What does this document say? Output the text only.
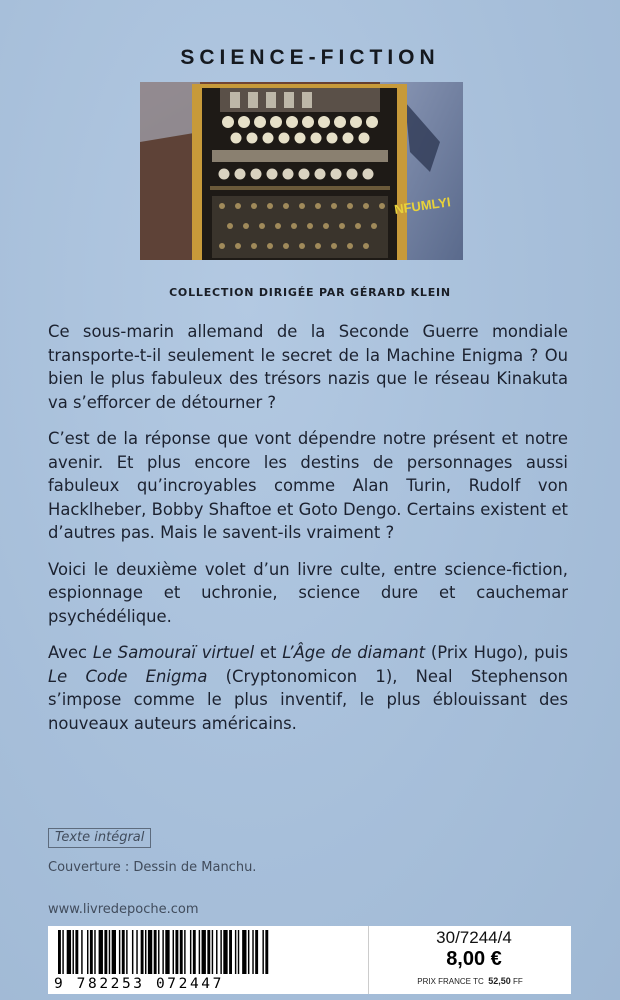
SCIENCE-FICTION
NFUMLYI
COLLECTION DIRIGÉE PAR GÉRARD KLEIN

Ce sous-marin allemand de la Seconde Guerre mondiale transporte-t-il seulement le secret de la Machine Enigma ? Ou bien le plus fabuleux des trésors nazis que le réseau Kinakuta va s’efforcer de détourner ?

C’est de la réponse que vont dépendre notre présent et notre avenir. Et plus encore les destins de personnages aussi fabuleux qu’incroyables comme Alan Turin, Rudolf von Hacklheber, Bobby Shaftoe et Goto Dengo. Certains existent et d’autres pas. Mais le savent-ils vraiment ?

Voici le deuxième volet d’un livre culte, entre science-fiction, espionnage et uchronie, science dure et cauchemar psychédélique.

Avec Le Samouraï virtuel et L’Âge de diamant (Prix Hugo), puis Le Code Enigma (Cryptonomicon 1), Neal Stephenson s’impose comme le plus inventif, le plus éblouissant des nouveaux auteurs américains.

Texte intégral
Couverture : Dessin de Manchu.
www.livredepoche.com
9 782253 072447
30/7244/4
8,00 €
PRIX FRANCE TC 52,50 FF
